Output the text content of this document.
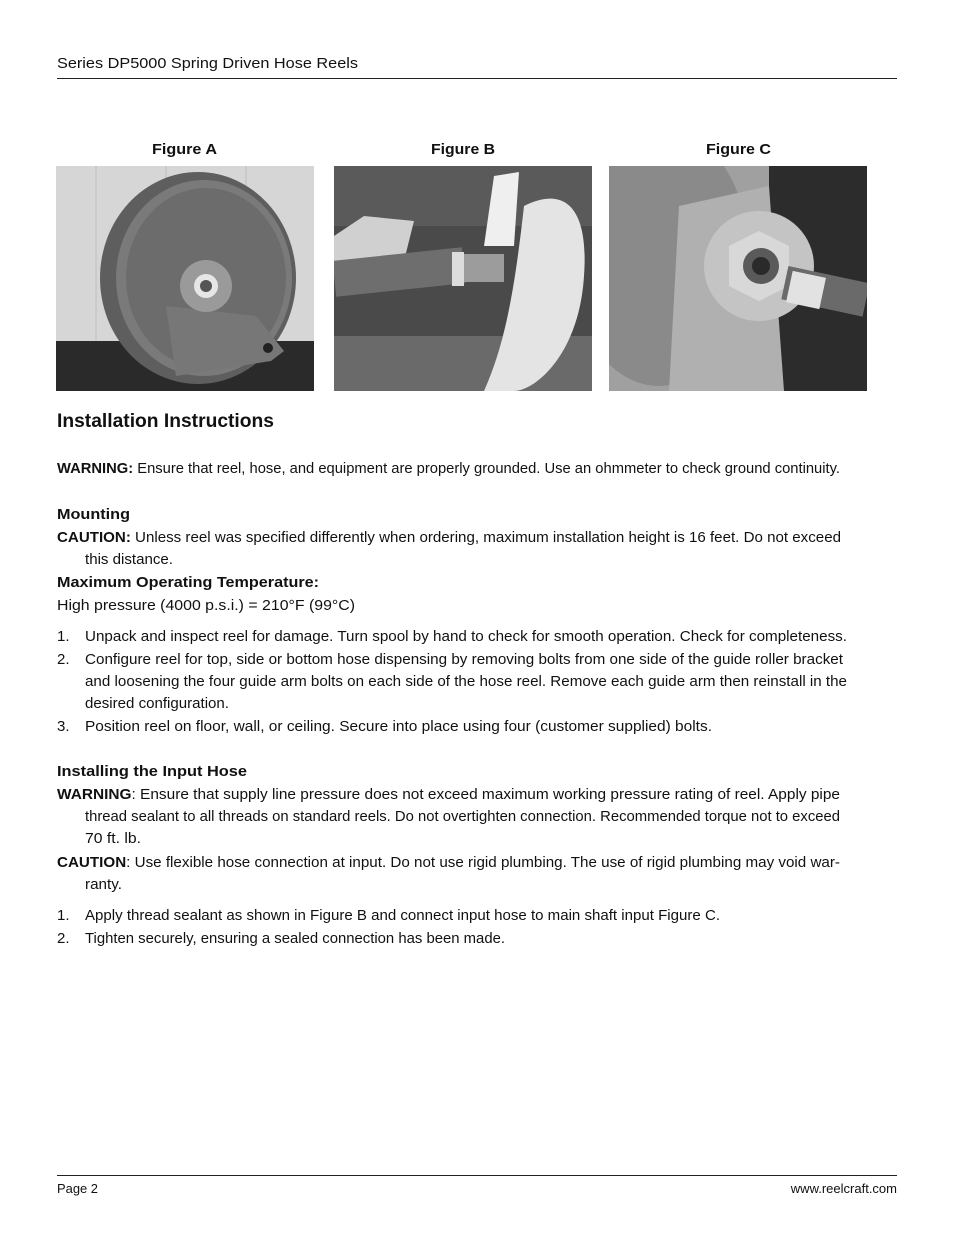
Series DP5000 Spring Driven Hose Reels
Figure A	Figure B	Figure C
Installation Instructions
WARNING: Ensure that reel, hose, and equipment are properly grounded. Use an ohmmeter to check ground continuity.
Mounting
CAUTION: Unless reel was specified differently when ordering, maximum installation height is 16 feet. Do not exceed
this distance.
Maximum Operating Temperature:
High pressure (4000 p.s.i.) = 210°F (99°C)
1. Unpack and inspect reel for damage. Turn spool by hand to check for smooth operation. Check for completeness.
2. Configure reel for top, side or bottom hose dispensing by removing bolts from one side of the guide roller bracket
and loosening the four guide arm bolts on each side of the hose reel. Remove each guide arm then reinstall in the
desired configuration.
3. Position reel on floor, wall, or ceiling. Secure into place using four (customer supplied) bolts.
Installing the Input Hose
WARNING: Ensure that supply line pressure does not exceed maximum working pressure rating of reel. Apply pipe
thread sealant to all threads on standard reels. Do not overtighten connection. Recommended torque not to exceed
70 ft. lb.
CAUTION: Use flexible hose connection at input. Do not use rigid plumbing. The use of rigid plumbing may void war-
ranty.
1. Apply thread sealant as shown in Figure B and connect input hose to main shaft input Figure C.
2. Tighten securely, ensuring a sealed connection has been made.
Page 2	www.reelcraft.com
